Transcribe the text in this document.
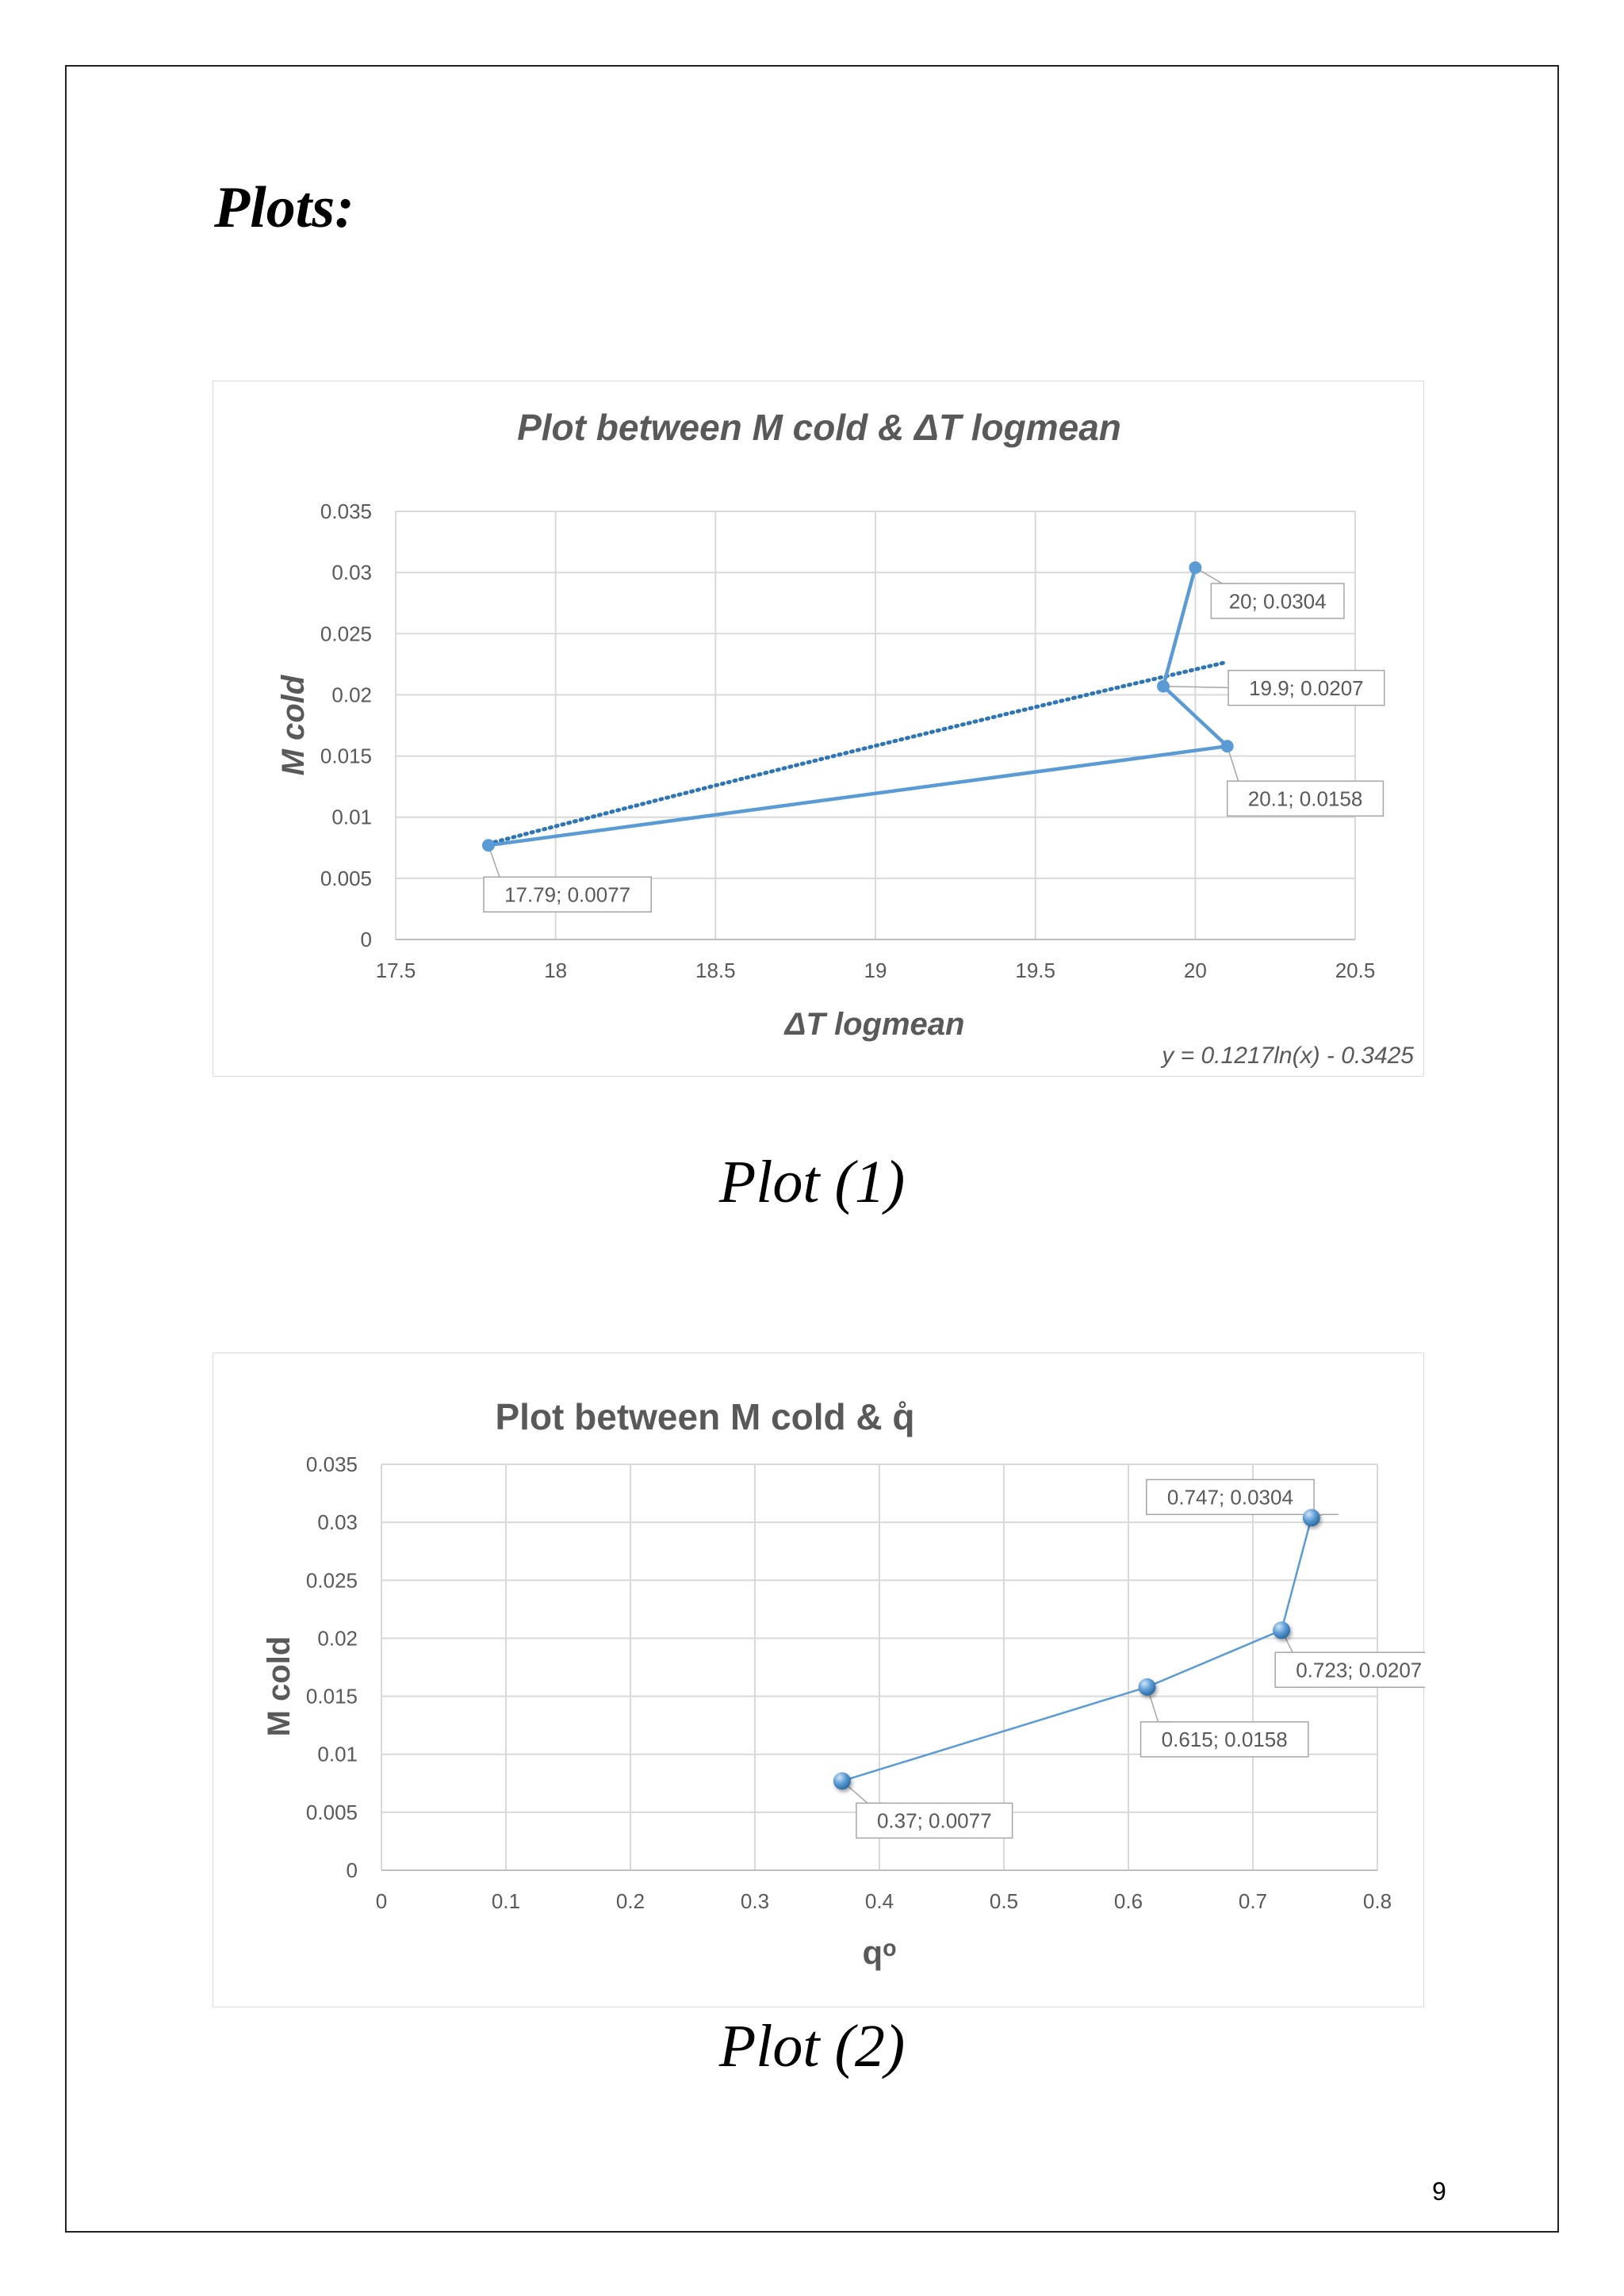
Plots:
Plot between M cold & ΔT logmean
17.5	18	18.5	19	19.5	20	20.5
0
0.005
0.01
0.015
0.02
0.025
0.03
0.035
ΔT logmean
M cold
y = 0.1217ln(x) - 0.3425
17.79; 0.0077
20.1; 0.0158
19.9; 0.0207
20; 0.0304
Plot (1)
Plot between M cold & q̊
0	0.1	0.2	0.3	0.4	0.5	0.6	0.7	0.8
0
0.005
0.01
0.015
0.02
0.025
0.03
0.035
qᵒ
M cold
0.37; 0.0077
0.615; 0.0158
0.723; 0.0207
0.747; 0.0304
Plot (2)
9
